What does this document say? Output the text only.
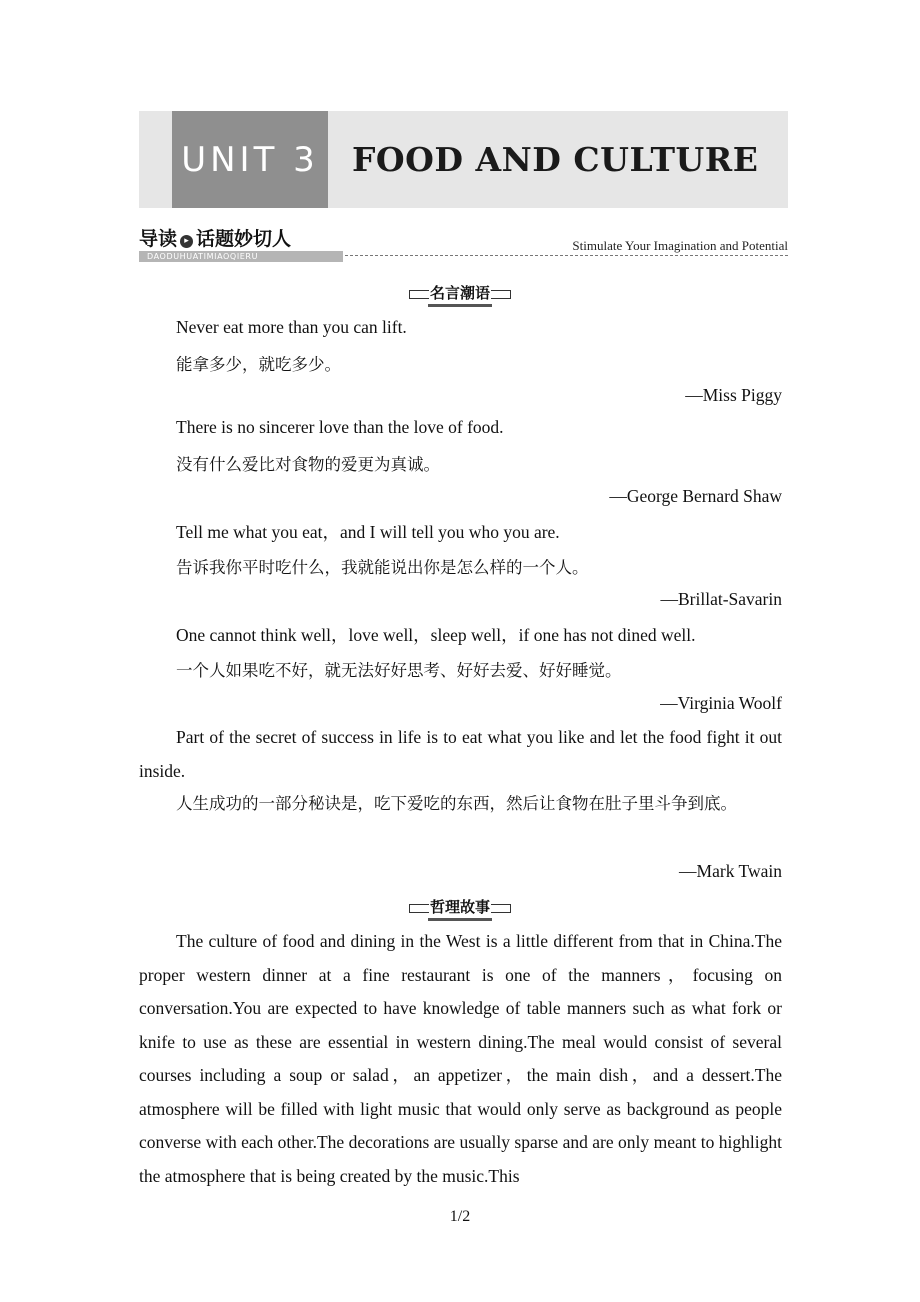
UNIT 3 FOOD AND CULTURE
导读 ▸ 话题妙切人
DAODUHUATIMIAOQIERU
Stimulate Your Imagination and Potential
名言潮语
Never eat more than you can lift.
能拿多少，就吃多少。
—Miss Piggy
There is no sincerer love than the love of food.
没有什么爱比对食物的爱更为真诚。
—George Bernard Shaw
Tell me what you eat，and I will tell you who you are.
告诉我你平时吃什么，我就能说出你是怎么样的一个人。
—Brillat-Savarin
One cannot think well，love well，sleep well，if one has not dined well.
一个人如果吃不好，就无法好好思考、好好去爱、好好睡觉。
—Virginia Woolf

Part of the secret of success in life is to eat what you like and let the food fight it out inside.

人生成功的一部分秘诀是，吃下爱吃的东西，然后让食物在肚子里斗争到底。

—Mark Twain
哲理故事

The culture of food and dining in the West is a little different from that in China.The proper western dinner at a fine restaurant is one of the manners，focusing on conversation.You are expected to have knowledge of table manners such as what fork or knife to use as these are essential in western dining.The meal would consist of several courses including a soup or salad，an appetizer，the main dish，and a dessert.The atmosphere will be filled with light music that would only serve as background as people converse with each other.The decorations are usually sparse and are only meant to highlight the atmosphere that is being created by the music.This

1/2
